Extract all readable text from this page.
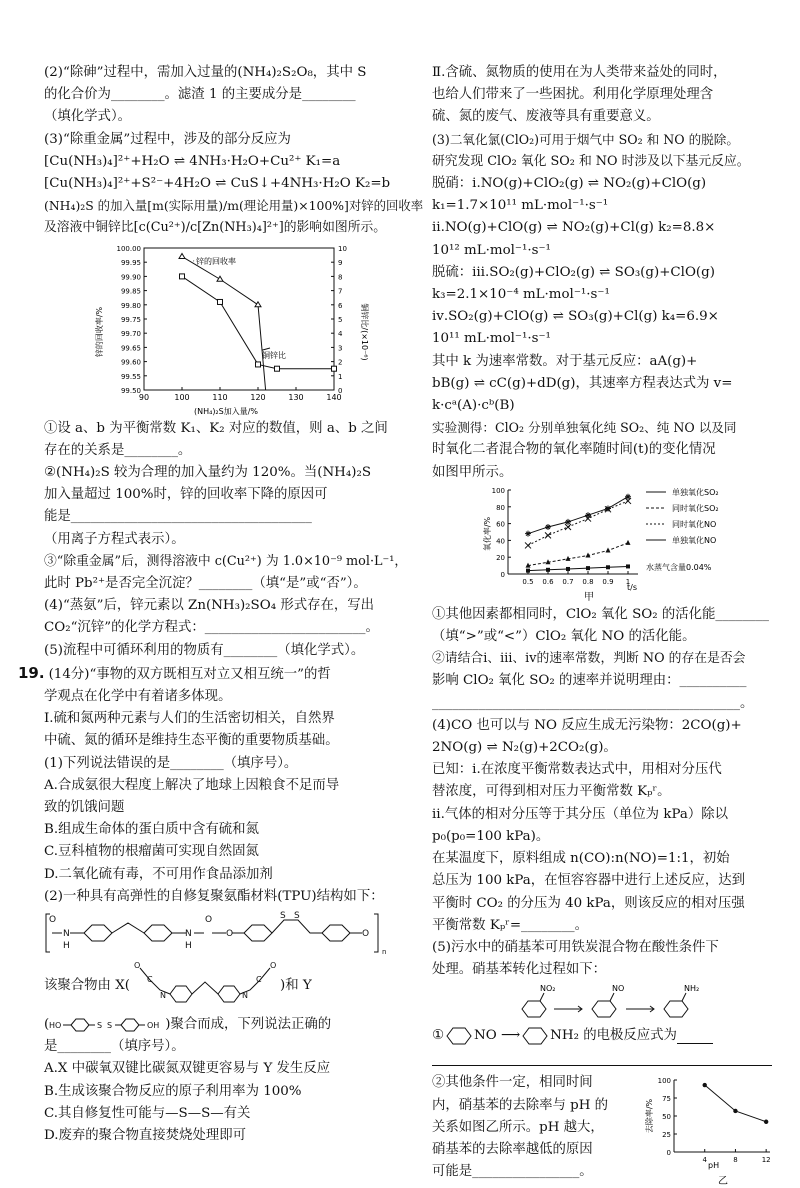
(2)“除砷”过程中，需加入过量的(NH₄)₂S₂O₈，其中 S
的化合价为________。滤渣 1 的主要成分是________
（填化学式）。
(3)“除重金属”过程中，涉及的部分反应为
[Cu(NH₃)₄]²⁺+H₂O ⇌ 4NH₃·H₂O+Cu²⁺ K₁=a
[Cu(NH₃)₄]²⁺+S²⁻+4H₂O ⇌ CuS↓+4NH₃·H₂O K₂=b
(NH₄)₂S 的加入量[m(实际用量)/m(理论用量)×100%]对锌的回收率
及溶液中铜锌比[c(Cu²⁺)/c[Zn(NH₃)₄]²⁺]的影响如图所示。
90	100	110	120	130	140
100.00
99.95
99.90
99.85
99.80
99.75
99.70
99.65
99.60
99.55
99.50
10
9
8
7
6
5
4
3
2
1
0
(NH₄)₂S加入量/%
锌的回收率/%	铜锌比/(×10⁻⁶)
锌的回收率
铜锌比
①设 a、b 为平衡常数 K₁、K₂ 对应的数值，则 a、b 之间
存在的关系是________。
②(NH₄)₂S 较为合理的加入量约为 120%。当(NH₄)₂S
加入量超过 100%时，锌的回收率下降的原因可
能是____________________________________
（用离子方程式表示）。
③“除重金属”后，测得溶液中 c(Cu²⁺) 为 1.0×10⁻⁹ mol·L⁻¹，
此时 Pb²⁺是否完全沉淀？________（填“是”或“否”）。
(4)“蒸氨”后，锌元素以 Zn(NH₃)₂SO₄ 形式存在，写出
CO₂“沉锌”的化学方程式：________________________。
(5)流程中可循环利用的物质有________（填化学式）。
19. (14分)“事物的双方既相互对立又相互统一”的哲
学观点在化学中有着诸多体现。
Ⅰ.硫和氮两种元素与人们的生活密切相关，自然界
中硫、氮的循环是维持生态平衡的重要物质基础。
(1)下列说法错误的是________（填序号）。
A.合成氨很大程度上解决了地球上因粮食不足而导
致的饥饿问题
B.组成生命体的蛋白质中含有硫和氮
C.豆科植物的根瘤菌可实现自然固氮
D.二氧化硫有毒，不可用作食品添加剂
(2)一种具有高弹性的自修复聚氨酯材料(TPU)结构如下：
N
H
N
H
O
O
S S
O
O
n
该聚合物由 X(
O
C
N	N
C
O
)和 Y
( HO	S S	OH )聚合而成，下列说法正确的
是________（填序号）。
A.X 中碳氧双键比碳氮双键更容易与 Y 发生反应
B.生成该聚合物反应的原子利用率为 100%
C.其自修复性可能与—S—S—有关
D.废弃的聚合物直接焚烧处理即可
Ⅱ.含硫、氮物质的使用在为人类带来益处的同时，
也给人们带来了一些困扰。利用化学原理处理含
硫、氮的废气、废液等具有重要意义。
(3)二氧化氯(ClO₂)可用于烟气中 SO₂ 和 NO 的脱除。
研究发现 ClO₂ 氧化 SO₂ 和 NO 时涉及以下基元反应。
脱硝：ⅰ.NO(g)+ClO₂(g) ⇌ NO₂(g)+ClO(g)
k₁=1.7×10¹¹ mL·mol⁻¹·s⁻¹
ⅱ.NO(g)+ClO(g) ⇌ NO₂(g)+Cl(g) k₂=8.8×
10¹² mL·mol⁻¹·s⁻¹
脱硫：ⅲ.SO₂(g)+ClO₂(g) ⇌ SO₃(g)+ClO(g)
k₃=2.1×10⁻⁴ mL·mol⁻¹·s⁻¹
ⅳ.SO₂(g)+ClO(g) ⇌ SO₃(g)+Cl(g) k₄=6.9×
10¹¹ mL·mol⁻¹·s⁻¹
其中 k 为速率常数。对于基元反应：aA(g)+
bB(g) ⇌ cC(g)+dD(g)，其速率方程表达式为 v=
k·cᵃ(A)·cᵇ(B)
实验测得：ClO₂ 分别单独氧化纯 SO₂、纯 NO 以及同
时氧化二者混合物的氧化率随时间(t)的变化情况
如图甲所示。
100
80
60
40
20
0
0.5 0.6 0.7 0.8 0.9 1
单独氧化SO₂
同时氧化SO₂
同时氧化NO
单独氧化NO
氧化率/%
t/s
甲
水蒸气含量0.04%
①其他因素都相同时，ClO₂ 氧化 SO₂ 的活化能________
（填“>”或“<”）ClO₂ 氧化 NO 的活化能。
②请结合ⅰ、ⅲ、ⅳ的速率常数，判断 NO 的存在是否会
影响 ClO₂ 氧化 SO₂ 的速率并说明理由：__________
______________________________________________。
(4)CO 也可以与 NO 反应生成无污染物：2CO(g)+
2NO(g) ⇌ N₂(g)+2CO₂(g)。
已知：ⅰ.在浓度平衡常数表达式中，用相对分压代
替浓度，可得到相对压力平衡常数 Kₚʳ。
ⅱ.气体的相对分压等于其分压（单位为 kPa）除以
p₀(p₀=100 kPa)。
在某温度下，原料组成 n(CO):n(NO)=1:1，初始
总压为 100 kPa，在恒容容器中进行上述反应，达到
平衡时 CO₂ 的分压为 40 kPa，则该反应的相对压强
平衡常数 Kₚʳ=________。
(5)污水中的硝基苯可用铁炭混合物在酸性条件下
处理。硝基苯转化过程如下：
NO₂	NO	NH₂
① NO ⟶ NH₂ 的电极反应式为
②其他条件一定，相同时间
内，硝基苯的去除率与 pH 的
关系如图乙所示。pH 越大，
硝基苯的去除率越低的原因
可能是________________。
100
75
50
25
0
4	8	12
去除率/%
pH
乙
